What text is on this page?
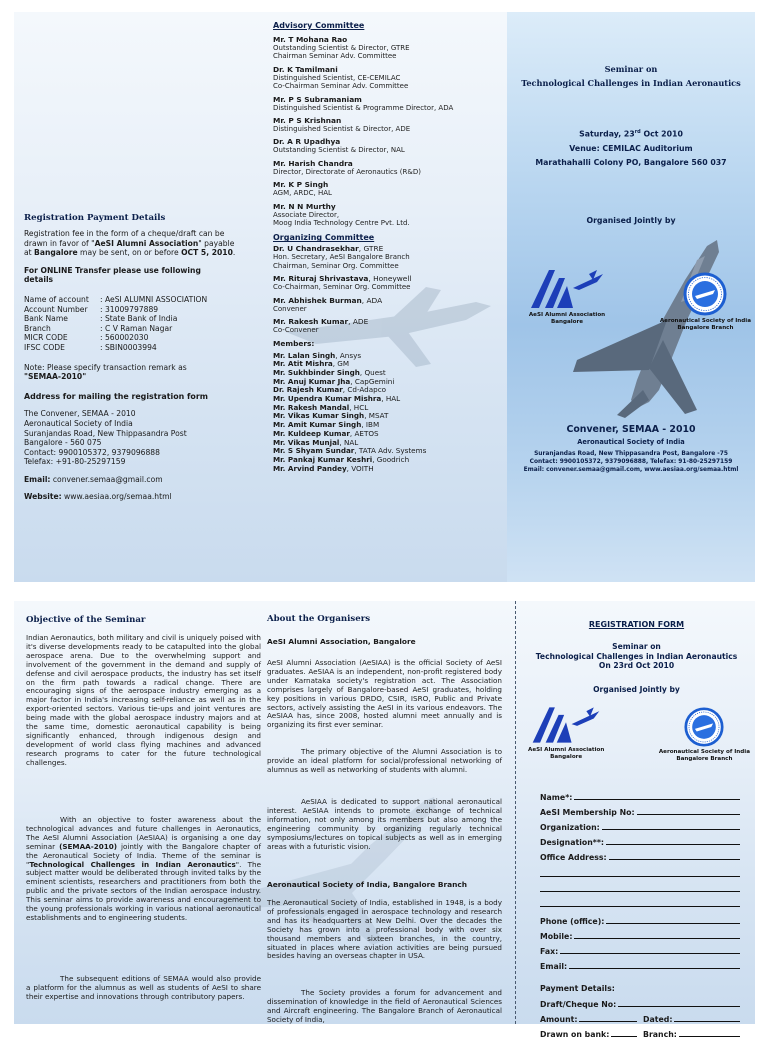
Registration Payment Details
Registration fee in the form of a cheque/draft can be drawn in favor of "AeSI Alumni Association" payable at Bangalore may be sent, on or before OCT 5, 2010.
For ONLINE Transfer please use following details
Name of account	: AeSI ALUMNI ASSOCIATION
Account Number	: 31009797889
Bank Name	: State Bank of India
Branch	: C V Raman Nagar
MICR CODE	: 560002030
IFSC CODE	: SBIN0003994
Note: Please specify transaction remark as
"SEMAA-2010"
Address for mailing the registration form
The Convener, SEMAA - 2010
Aeronautical Society of India
Suranjandas Road, New Thippasandra Post
Bangalore - 560 075
Contact: 9900105372, 9379096888
Telefax: +91-80-25297159
Email: convener.semaa@gmail.com
Website: www.aesiaa.org/semaa.html
Advisory Committee
Mr. T Mohana Rao
Outstanding Scientist & Director, GTRE
Chairman Seminar Adv. Committee
Dr. K Tamilmani
Distinguished Scientist, CE-CEMILAC
Co-Chairman Seminar Adv. Committee
Mr. P S Subramaniam
Distinguished Scientist & Programme Director, ADA
Mr. P S Krishnan
Distinguished Scientist & Director, ADE
Dr. A R Upadhya
Outstanding Scientist & Director, NAL
Mr. Harish Chandra
Director, Directorate of Aeronautics (R&D)
Mr. K P Singh
AGM, ARDC, HAL
Mr. N N Murthy
Associate Director,
Moog India Technology Centre Pvt. Ltd.
Organizing Committee
Dr. U Chandrasekhar, GTRE
Hon. Secretary, AeSI Bangalore Branch
Chairman, Seminar Org. Committee
Mr. Rituraj Shrivastava, Honeywell
Co-Chairman, Seminar Org. Committee
Mr. Abhishek Burman, ADA
Convener
Mr. Rakesh Kumar, ADE
Co-Convener
Members:
Mr. Lalan Singh, Ansys
Mr. Atit Mishra, GM
Mr. Sukhbinder Singh, Quest
Mr. Anuj Kumar Jha, CapGemini
Dr. Rajesh Kumar, Cd-Adapco
Mr. Upendra Kumar Mishra, HAL
Mr. Rakesh Mandal, HCL
Mr. Vikas Kumar Singh, MSAT
Mr. Amit Kumar Singh, IBM
Mr. Kuldeep Kumar, AETOS
Mr. Vikas Munjal, NAL
Mr. S Shyam Sundar, TATA Adv. Systems
Mr. Pankaj Kumar Keshri, Goodrich
Mr. Arvind Pandey, VOITH
Seminar on
Technological Challenges in Indian Aeronautics
Saturday, 23rd Oct 2010
Venue: CEMILAC Auditorium
Marathahalli Colony PO, Bangalore 560 037
Organised Jointly by
AeSI Alumni Association
Bangalore	Aeronautical Society of India
Bangalore Branch
Convener, SEMAA - 2010
Aeronautical Society of India
Suranjandas Road, New Thippasandra Post, Bangalore -75
Contact: 9900105372, 9379096888, Telefax: 91-80-25297159
Email: convener.semaa@gmail.com, www.aesiaa.org/semaa.html
Objective of the Seminar
Indian Aeronautics, both military and civil is uniquely poised with it's diverse developments ready to be catapulted into the global aerospace arena. Due to the overwhelming support and involvement of the government in the demand and supply of defense and civil aerospace products, the industry has set itself on the firm path towards a radical change. There are encouraging signs of the aerospace industry emerging as a major factor in India's increasing self-reliance as well as in the export-oriented sectors. Various tie-ups and joint ventures are being made with the global aerospace industry majors and at the same time, domestic aeronautical capability is being significantly enhanced, through indigenous design and development of world class flying machines and advanced research programs to cater for the future technological challenges.
With an objective to foster awareness about the technological advances and future challenges in Aeronautics, The AeSI Alumni Association (AeSIAA) is organising a one day seminar (SEMAA-2010) jointly with the Bangalore chapter of the Aeronautical Society of India. Theme of the seminar is "Technological Challenges in Indian Aeronautics". The subject matter would be deliberated through invited talks by the eminent scientists, researchers and practitioners from both the public and the private sectors of the Indian aerospace industry. This seminar aims to provide awareness and encouragement to the young professionals working in various national aeronautical establishments and to engineering students.
The subsequent editions of SEMAA would also provide a platform for the alumnus as well as students of AeSI to share their expertise and innovations through contributory papers.
About the Organisers
AeSI Alumni Association, Bangalore
AeSI Alumni Association (AeSIAA) is the official Society of AeSI graduates. AeSIAA is an independent, non-profit registered body under Karnataka society's registration act. The Association comprises largely of Bangalore-based AeSI graduates, holding key positions in various DRDO, CSIR, ISRO, Public and Private sectors, actively assisting the AeSI in its various endeavors. The AeSIAA has, since 2008, hosted alumni meet annually and is organizing its first ever seminar.
The primary objective of the Alumni Association is to provide an ideal platform for social/professional networking of alumnus as well as networking of students with alumni.
AeSIAA is dedicated to support national aeronautical interest. AeSIAA intends to promote exchange of technical information, not only among its members but also among the engineering community by organizing regularly technical symposiums/lectures on topical subjects as well as in emerging areas with a futuristic vision.
Aeronautical Society of India, Bangalore Branch
The Aeronautical Society of India, established in 1948, is a body of professionals engaged in aerospace technology and research and has its headquarters at New Delhi. Over the decades the Society has grown into a professional body with over six thousand members and sixteen branches, in the country, situated in places where aviation activities are being pursued besides having an overseas chapter in USA.
The Society provides a forum for advancement and dissemination of knowledge in the field of Aeronautical Sciences and Aircraft engineering. The Bangalore Branch of Aeronautical Society of India,
REGISTRATION FORM
Seminar on
Technological Challenges in Indian Aeronautics
On 23rd Oct 2010
Organised Jointly by
AeSI Alumni Association
Bangalore
Aeronautical Society of India
Bangalore Branch
Name*:
AeSI Membership No:
Organization:
Designation**:
Office Address:
Phone (office):
Mobile:
Fax:
Email:
Payment Details:
Draft/Cheque No:
Amount:	Dated:
Drawn on bank:	Branch:
